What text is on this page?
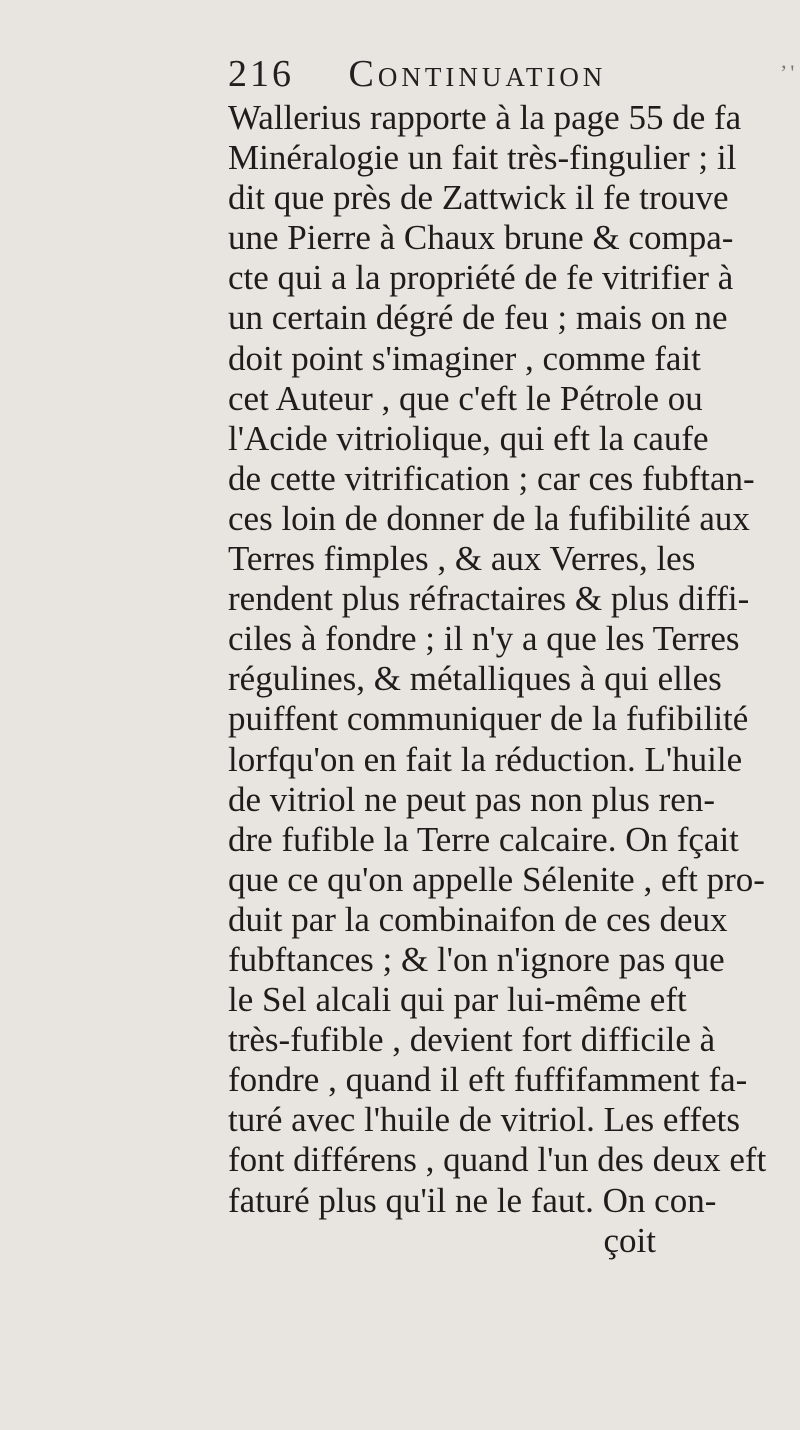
216 Continuation	’'
Wallerius rapporte à la page 55 de fa
Minéralogie un fait très-fingulier ; il
dit que près de Zattwick il fe trouve
une Pierre à Chaux brune & compa-
cte qui a la propriété de fe vitrifier à
un certain dégré de feu ; mais on ne
doit point s'imaginer , comme fait
cet Auteur , que c'eft le Pétrole ou
l'Acide vitriolique, qui eft la caufe
de cette vitrification ; car ces fubftan-
ces loin de donner de la fufibilité aux
Terres fimples , & aux Verres, les
rendent plus réfractaires & plus diffi-
ciles à fondre ; il n'y a que les Terres
régulines, & métalliques à qui elles
puiffent communiquer de la fufibilité
lorfqu'on en fait la réduction. L'huile
de vitriol ne peut pas non plus ren-
dre fufible la Terre calcaire. On fçait
que ce qu'on appelle Sélenite , eft pro-
duit par la combinaifon de ces deux
fubftances ; & l'on n'ignore pas que
le Sel alcali qui par lui-même eft
très-fufible , devient fort difficile à
fondre , quand il eft fuffifamment fa-
turé avec l'huile de vitriol. Les effets
font différens , quand l'un des deux eft
faturé plus qu'il ne le faut. On con-
çoit
